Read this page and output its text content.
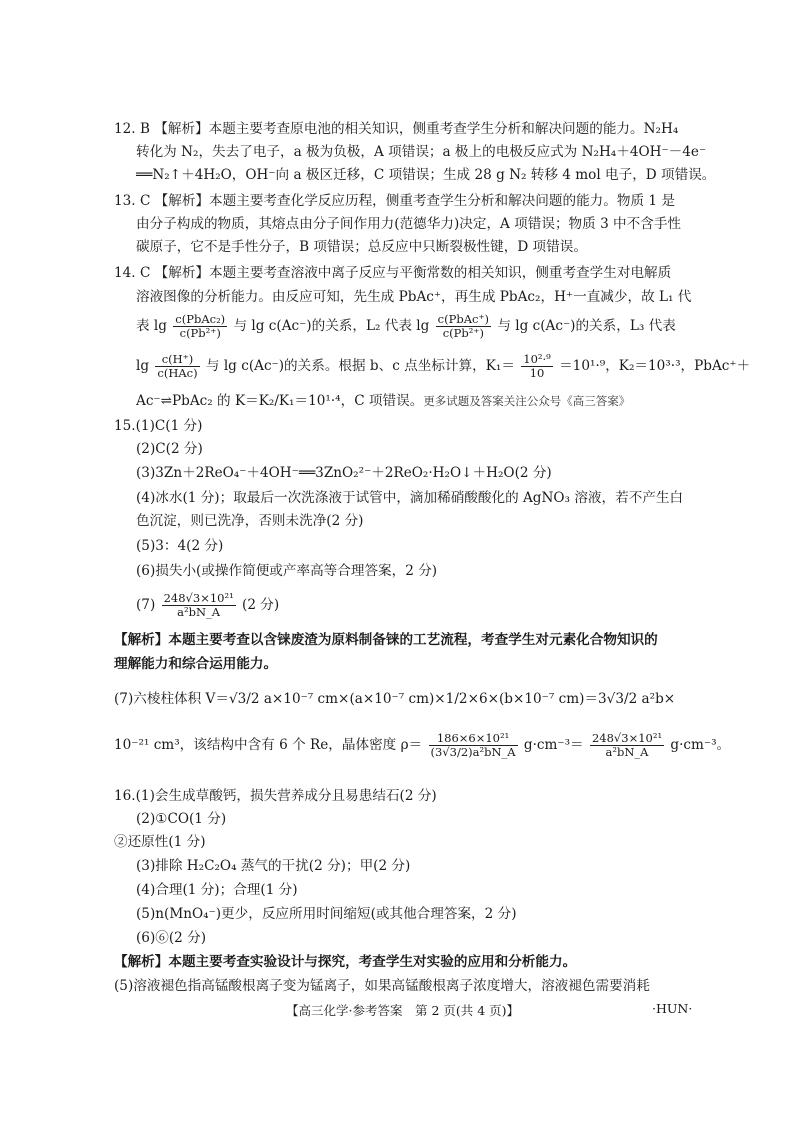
12. B 【解析】本题主要考查原电池的相关知识，侧重考查学生分析和解决问题的能力。N₂H₄
转化为 N₂，失去了电子，a 极为负极，A 项错误；a 极上的电极反应式为 N₂H₄＋4OH⁻－4e⁻
══N₂↑＋4H₂O，OH⁻向 a 极区迁移，C 项错误；生成 28 g N₂ 转移 4 mol 电子，D 项错误。
13. C 【解析】本题主要考查化学反应历程，侧重考查学生分析和解决问题的能力。物质 1 是
由分子构成的物质，其熔点由分子间作用力(范德华力)决定，A 项错误；物质 3 中不含手性
碳原子，它不是手性分子，B 项错误；总反应中只断裂极性键，D 项错误。
14. C 【解析】本题主要考查溶液中离子反应与平衡常数的相关知识，侧重考查学生对电解质
溶液图像的分析能力。由反应可知，先生成 PbAc⁺，再生成 PbAc₂，H⁺一直减少，故 L₁ 代
表 $\lg \frac{\text{c(PbAc₂)}}{\text{c(Pb²⁺)}}$ 与 lg c(Ac⁻)的关系，L₂ 代表 $\lg \frac{\text{c(PbAc⁺)}}{\text{c(Pb²⁺)}}$ 与 lg c(Ac⁻)的关系，L₃ 代表
$\lg \frac{c(H^+)}{\text{c(HAc)}}$ 与 lg c(Ac⁻)的关系。根据 b、c 点坐标计算，$K_1= \frac{\text{10²·⁹}}{10} =10^1\cdot^9$，K₂＝10³·³，PbAc⁺＋
Ac⁻⇌PbAc₂ 的 K＝K₂/K₁＝10¹·⁴，C 项错误。更多试题及答案关注公众号《高三答案》
15.(1)C(1 分)
(2)C(2 分)
(3)3Zn＋2ReO₄⁻＋4OH⁻══3ZnO₂²⁻＋2ReO₂·H₂O↓＋H₂O(2 分)
(4)冰水(1 分)；取最后一次洗涤液于试管中，滴加稀硝酸酸化的 AgNO₃ 溶液，若不产生白
色沉淀，则已洗净，否则未洗净(2 分)
(5)3：4(2 分)
(6)损失小(或操作简便或产率高等合理答案，2 分)
$(7) \frac{\text{248√3×10²¹}}{\text{a²bN\_A}} (2$ 分)
【解析】本题主要考查以含铼废渣为原料制备铼的工艺流程，考查学生对元素化合物知识的
理解能力和综合运用能力。
(7)六棱柱体积 V＝√3/2 a×10⁻⁷ cm×(a×10⁻⁷ cm)×1/2×6×(b×10⁻⁷ cm)＝3√3/2 a²b×
10⁻²¹ cm³，该结构中含有 6 个 Re，晶体密度 $\rho= \frac{\text{186×6×10²¹}}{\text{(3√3/2)a²bN\_A}} g\cdot cm^{-3}= \frac{\text{248√3×10²¹}}{\text{a²bN\_A}} g\cdot cm^{-3}$。
16.(1)会生成草酸钙，损失营养成分且易患结石(2 分)
(2)①CO(1 分)
②还原性(1 分)
(3)排除 H₂C₂O₄ 蒸气的干扰(2 分)；甲(2 分)
(4)合理(1 分)；合理(1 分)
(5)n(MnO₄⁻)更少，反应所用时间缩短(或其他合理答案，2 分)
(6)⑥(2 分)
【解析】本题主要考查实验设计与探究，考查学生对实验的应用和分析能力。
(5)溶液褪色指高锰酸根离子变为锰离子，如果高锰酸根离子浓度增大，溶液褪色需要消耗
【高三化学·参考答案　第 2 页(共 4 页)】	·HUN·
